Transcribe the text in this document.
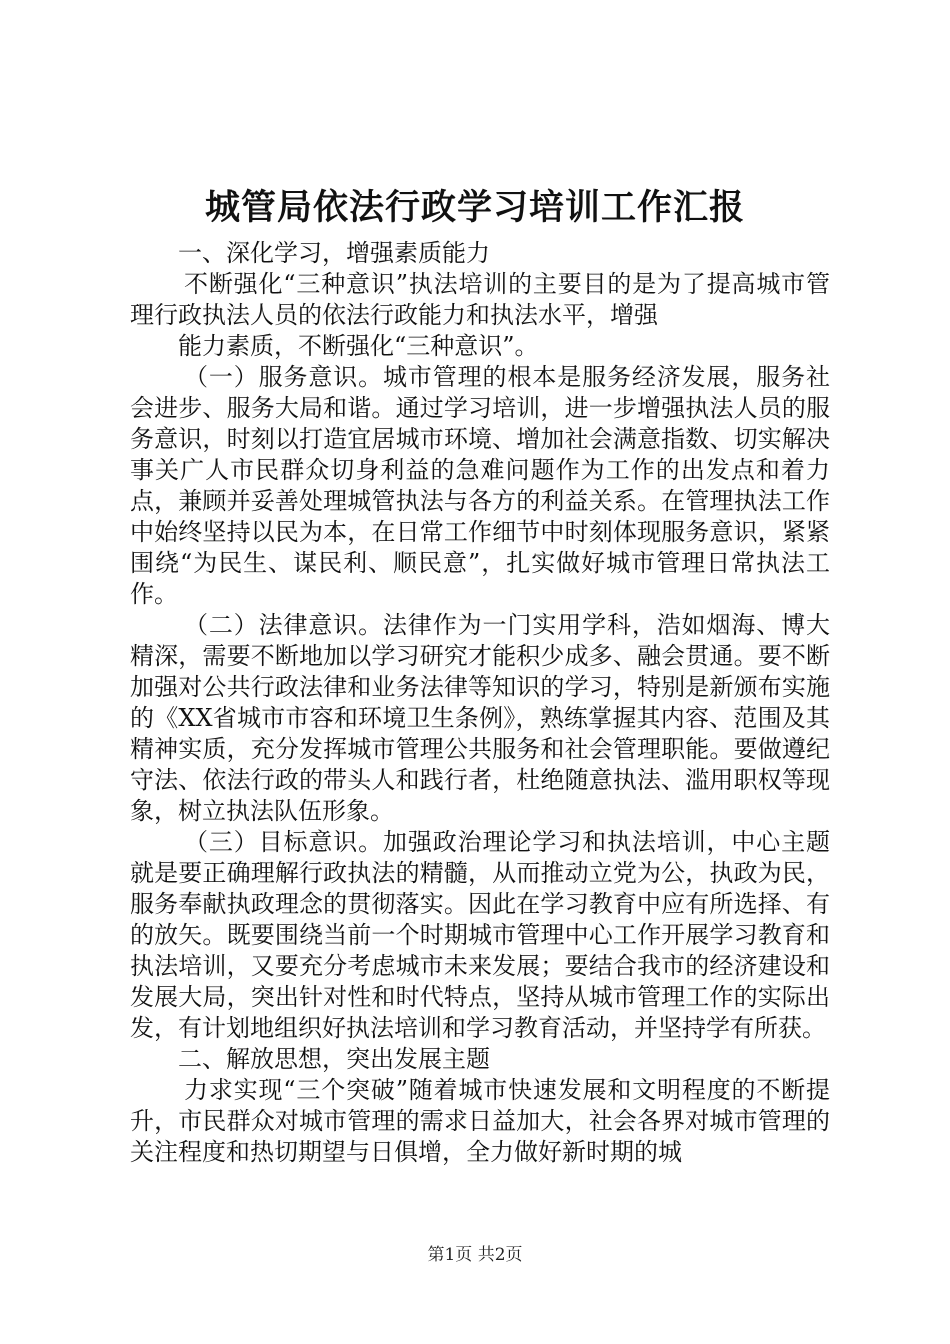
城管局依法行政学习培训工作汇报

一、深化学习，增强素质能力

不断强化“三种意识”执法培训的主要目的是为了提高城市管理行政执法人员的依法行政能力和执法水平，增强

能力素质，不断强化“三种意识”。

（一）服务意识。城市管理的根本是服务经济发展，服务社会进步、服务大局和谐。通过学习培训，进一步增强执法人员的服务意识，时刻以打造宜居城市环境、增加社会满意指数、切实解决事关广人市民群众切身利益的急难问题作为工作的出发点和着力点，兼顾并妥善处理城管执法与各方的利益关系。在管理执法工作中始终坚持以民为本，在日常工作细节中时刻体现服务意识，紧紧围绕“为民生、谋民利、顺民意”，扎实做好城市管理日常执法工作。

（二）法律意识。法律作为一门实用学科，浩如烟海、博大精深，需要不断地加以学习研究才能积少成多、融会贯通。要不断加强对公共行政法律和业务法律等知识的学习，特别是新颁布实施的《XX省城市市容和环境卫生条例》，熟练掌握其内容、范围及其精神实质，充分发挥城市管理公共服务和社会管理职能。要做遵纪守法、依法行政的带头人和践行者，杜绝随意执法、滥用职权等现象，树立执法队伍形象。

（三）目标意识。加强政治理论学习和执法培训，中心主题就是要正确理解行政执法的精髓，从而推动立党为公，执政为民，服务奉献执政理念的贯彻落实。因此在学习教育中应有所选择、有的放矢。既要围绕当前一个时期城市管理中心工作开展学习教育和执法培训，又要充分考虑城市未来发展；要结合我市的经济建设和发展大局，突出针对性和时代特点，坚持从城市管理工作的实际出发，有计划地组织好执法培训和学习教育活动，并坚持学有所获。

二、解放思想，突出发展主题

力求实现“三个突破”随着城市快速发展和文明程度的不断提升，市民群众对城市管理的需求日益加大，社会各界对城市管理的关注程度和热切期望与日俱增，全力做好新时期的城

第1页 共2页
